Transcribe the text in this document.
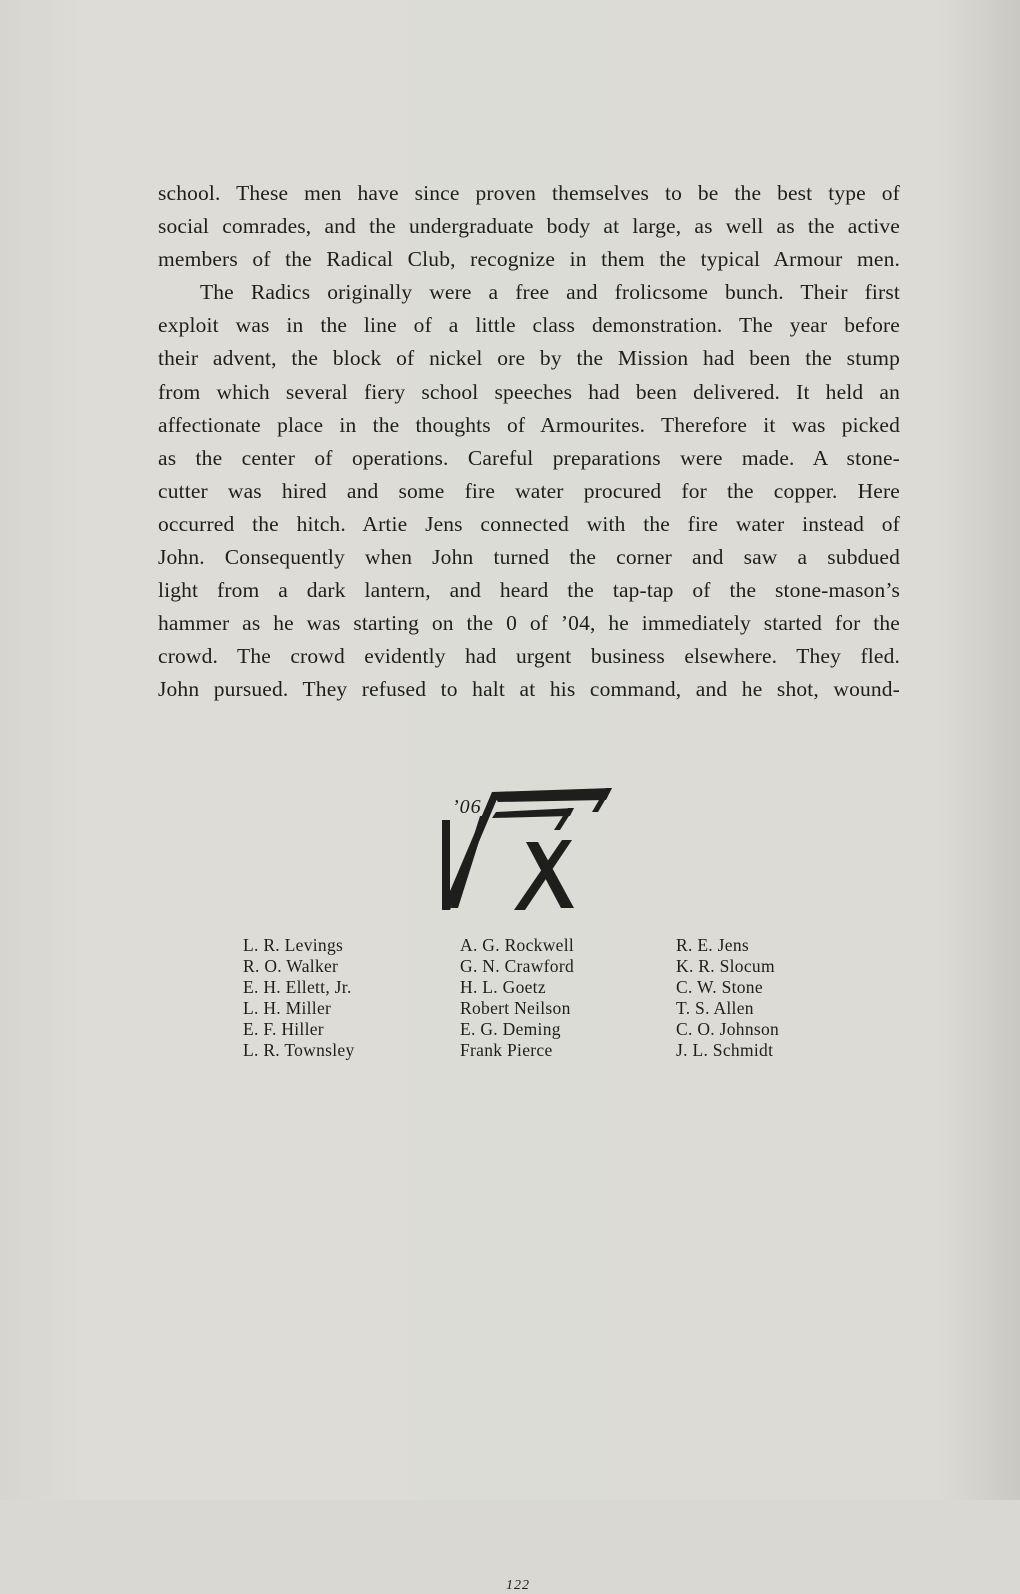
school. These men have since proven themselves to be the best type of
social comrades, and the undergraduate body at large, as well as the active
members of the Radical Club, recognize in them the typical Armour men.
The Radics originally were a free and frolicsome bunch. Their first
exploit was in the line of a little class demonstration. The year before
their advent, the block of nickel ore by the Mission had been the stump
from which several fiery school speeches had been delivered. It held an
affectionate place in the thoughts of Armourites. Therefore it was picked
as the center of operations. Careful preparations were made. A stone-
cutter was hired and some fire water procured for the copper. Here
occurred the hitch. Artie Jens connected with the fire water instead of
John. Consequently when John turned the corner and saw a subdued
light from a dark lantern, and heard the tap-tap of the stone-mason’s
hammer as he was starting on the 0 of ’04, he immediately started for the
crowd. The crowd evidently had urgent business elsewhere. They fled.
John pursued. They refused to halt at his command, and he shot, wound-
’06
L. R. Levings
R. O. Walker
E. H. Ellett, Jr.
L. H. Miller
E. F. Hiller
L. R. Townsley
A. G. Rockwell
G. N. Crawford
H. L. Goetz
Robert Neilson
E. G. Deming
Frank Pierce
R. E. Jens
K. R. Slocum
C. W. Stone
T. S. Allen
C. O. Johnson
J. L. Schmidt
122
